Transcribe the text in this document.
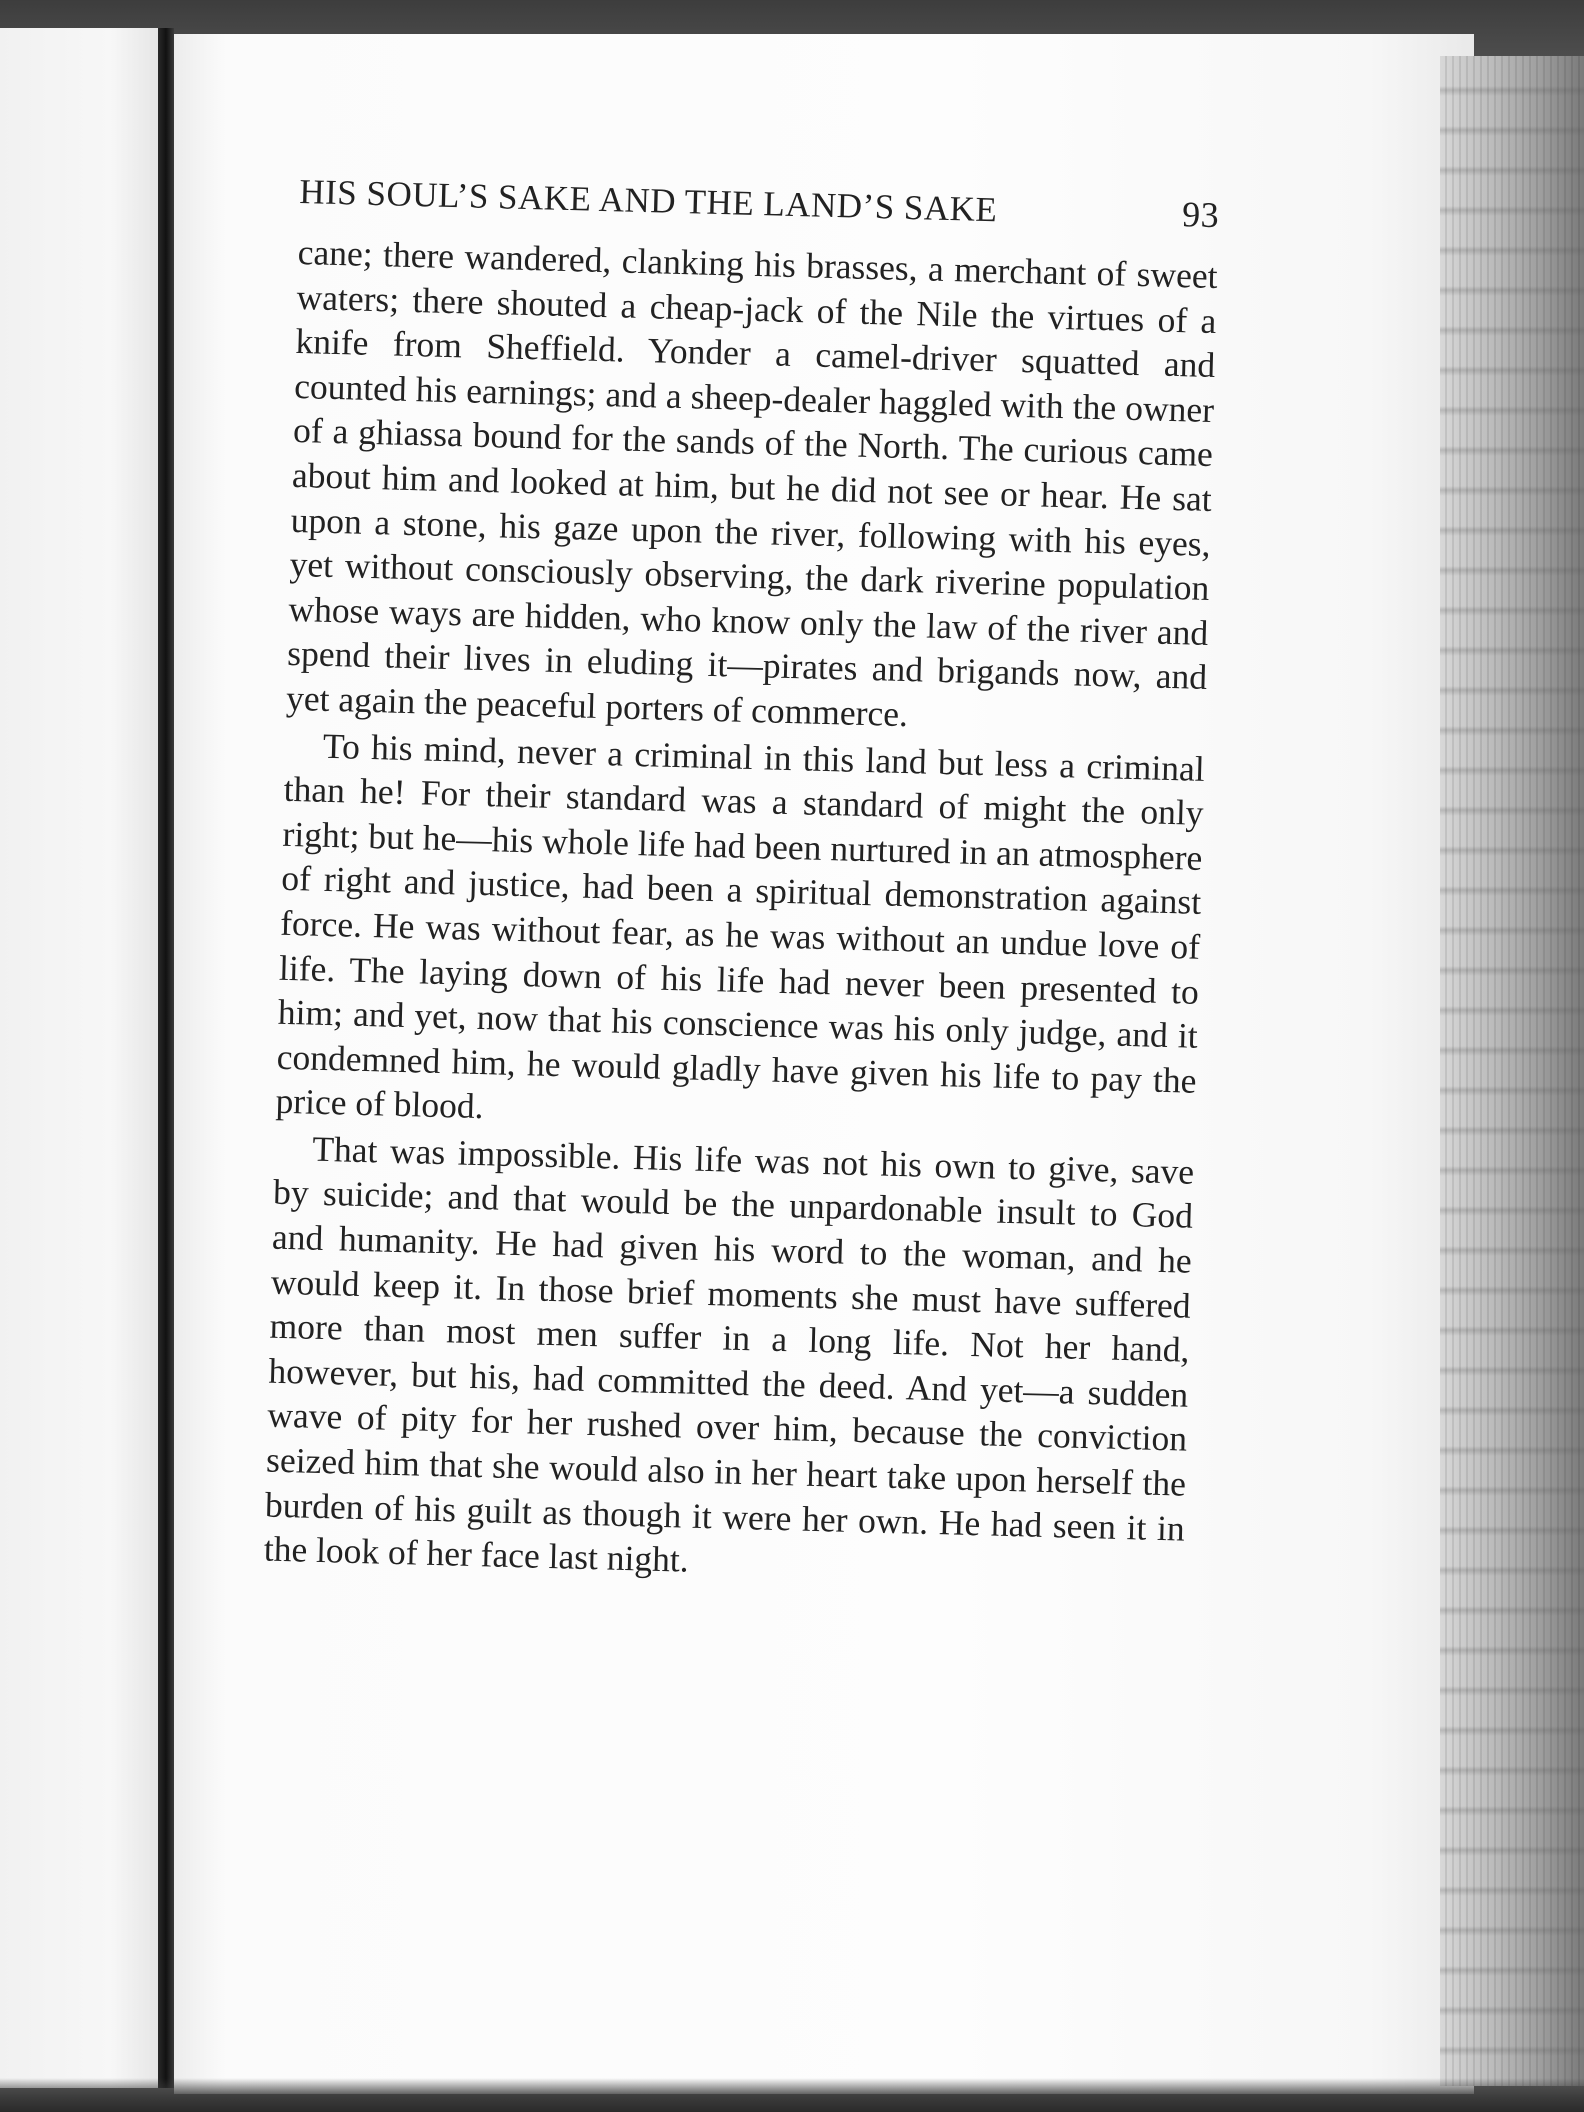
HIS SOUL’S SAKE AND THE LAND’S SAKE	93

cane; there wandered, clanking his brasses, a merchant of sweet waters; there shouted a cheap-jack of the Nile the virtues of a knife from Sheffield. Yonder a camel-driver squatted and counted his earnings; and a sheep-dealer haggled with the owner of a ghiassa bound for the sands of the North. The curious came about him and looked at him, but he did not see or hear. He sat upon a stone, his gaze upon the river, following with his eyes, yet without consciously observing, the dark riverine population whose ways are hidden, who know only the law of the river and spend their lives in eluding it—pirates and brigands now, and yet again the peaceful porters of commerce.

To his mind, never a criminal in this land but less a criminal than he! For their standard was a standard of might the only right; but he—his whole life had been nurtured in an atmosphere of right and justice, had been a spiritual demonstration against force. He was without fear, as he was without an undue love of life. The laying down of his life had never been presented to him; and yet, now that his conscience was his only judge, and it condemned him, he would gladly have given his life to pay the price of blood.

That was impossible. His life was not his own to give, save by suicide; and that would be the unpardonable insult to God and humanity. He had given his word to the woman, and he would keep it. In those brief moments she must have suffered more than most men suffer in a long life. Not her hand, however, but his, had committed the deed. And yet—a sudden wave of pity for her rushed over him, because the conviction seized him that she would also in her heart take upon herself the burden of his guilt as though it were her own. He had seen it in the look of her face last night.
